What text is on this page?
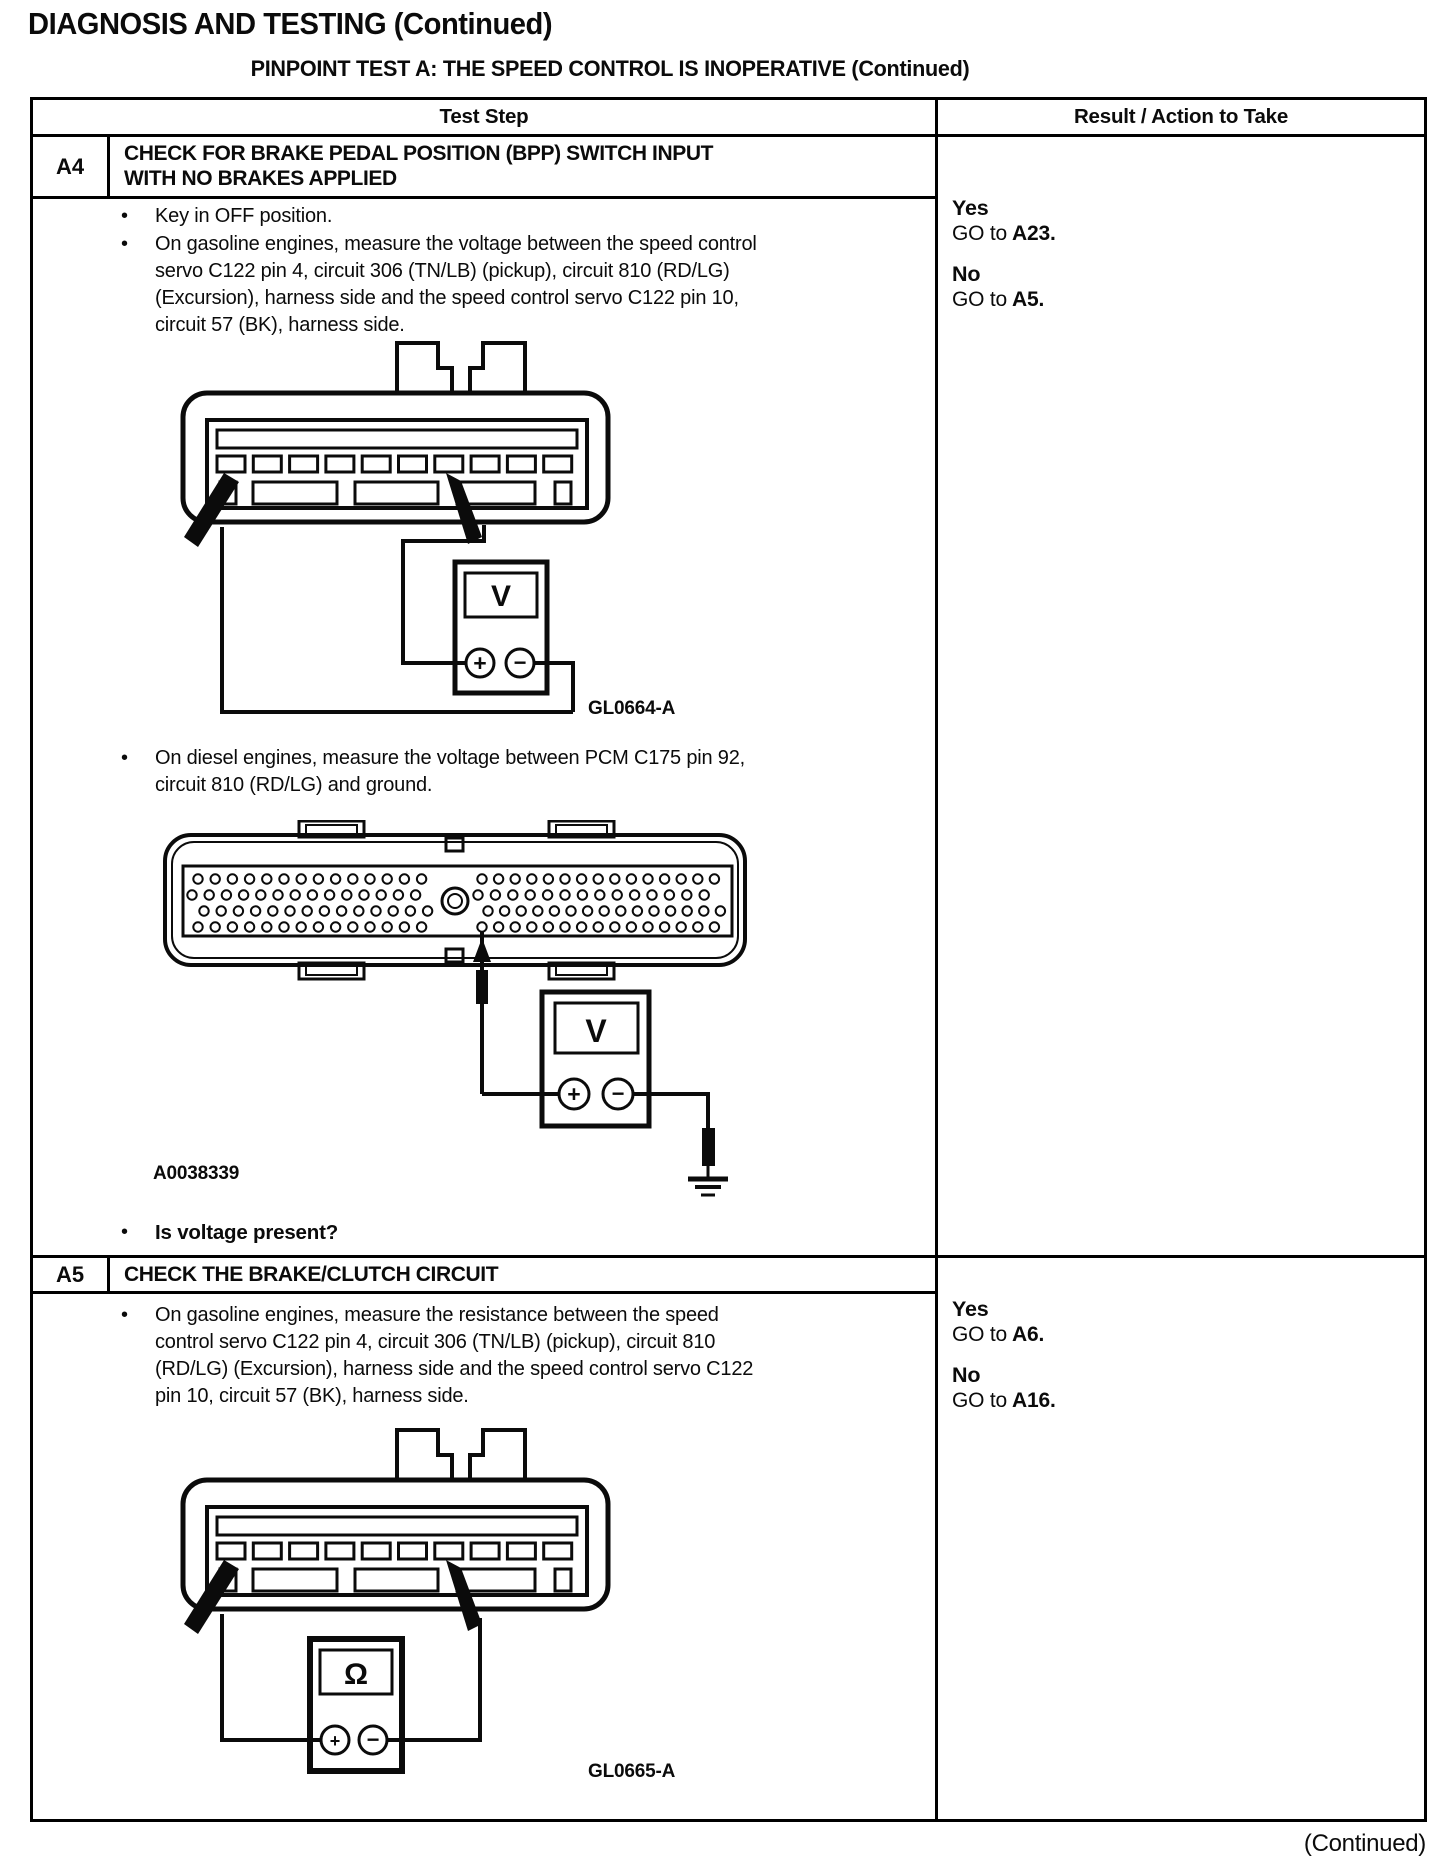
DIAGNOSIS AND TESTING (Continued)
PINPOINT TEST A: THE SPEED CONTROL IS INOPERATIVE (Continued)
Test Step	Result / Action to Take
A4	CHECK FOR BRAKE PEDAL POSITION (BPP) SWITCH INPUT WITH NO BRAKES APPLIED
• Key in OFF position.
• On gasoline engines, measure the voltage between the speed control servo C122 pin 4, circuit 306 (TN/LB) (pickup), circuit 810 (RD/LG) (Excursion), harness side and the speed control servo C122 pin 10, circuit 57 (BK), harness side.
V
+ −
GL0664-A
• On diesel engines, measure the voltage between PCM C175 pin 92, circuit 810 (RD/LG) and ground.
V
+ −
A0038339
• Is voltage present?
Yes
GO to A23.
No
GO to A5.
A5	CHECK THE BRAKE/CLUTCH CIRCUIT
• On gasoline engines, measure the resistance between the speed control servo C122 pin 4, circuit 306 (TN/LB) (pickup), circuit 810 (RD/LG) (Excursion), harness side and the speed control servo C122 pin 10, circuit 57 (BK), harness side.
Ω
+ −
GL0665-A
Yes
GO to A6.
No
GO to A16.
(Continued)
